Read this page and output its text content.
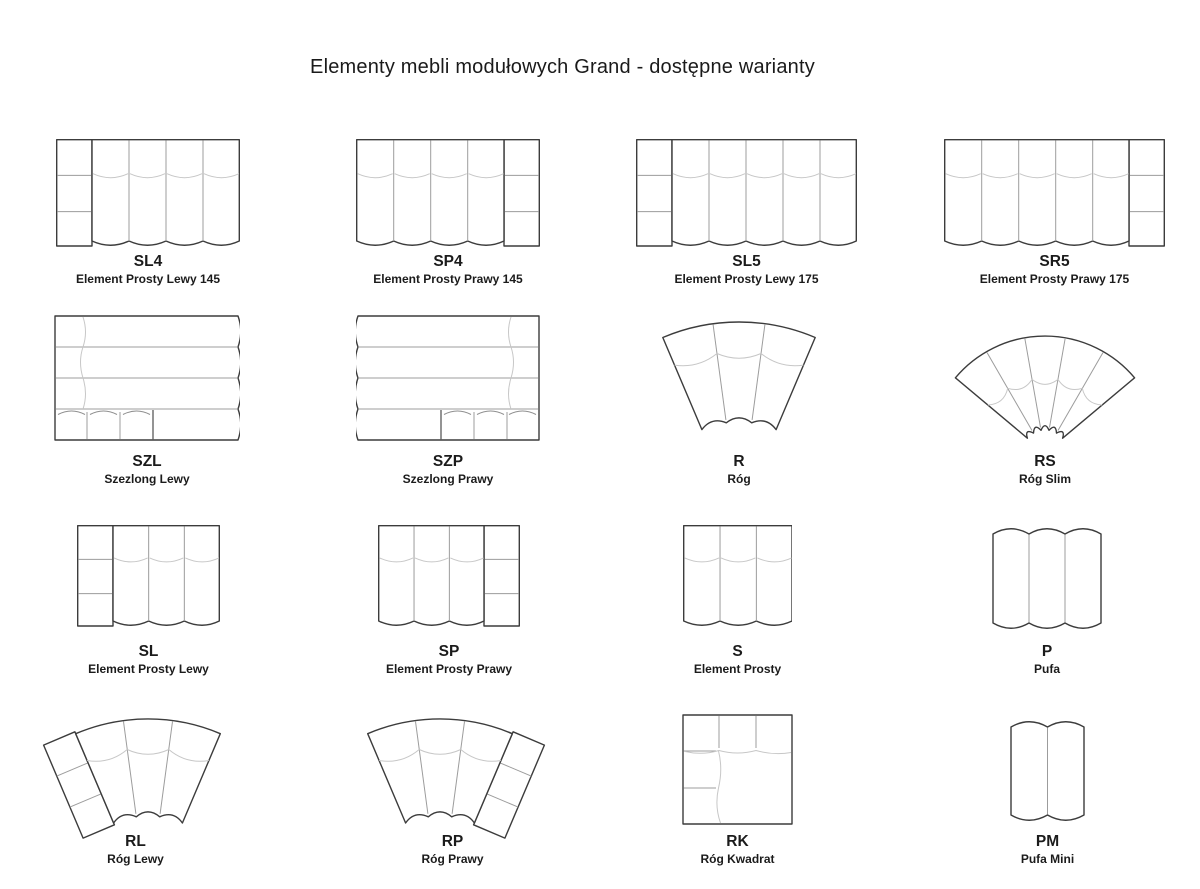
Elementy mebli modułowych Grand - dostępne warianty
SL4
Element Prosty Lewy 145
SP4
Element Prosty Prawy 145
SL5
Element Prosty Lewy 175
SR5
Element Prosty Prawy 175
SZL
Szezlong Lewy
SZP
Szezlong Prawy
R
Róg
RS
Róg Slim
SL
Element Prosty Lewy
SP
Element Prosty Prawy
S
Element Prosty
P
Pufa
RL
Róg Lewy
RP
Róg Prawy
RK
Róg Kwadrat
PM
Pufa Mini
